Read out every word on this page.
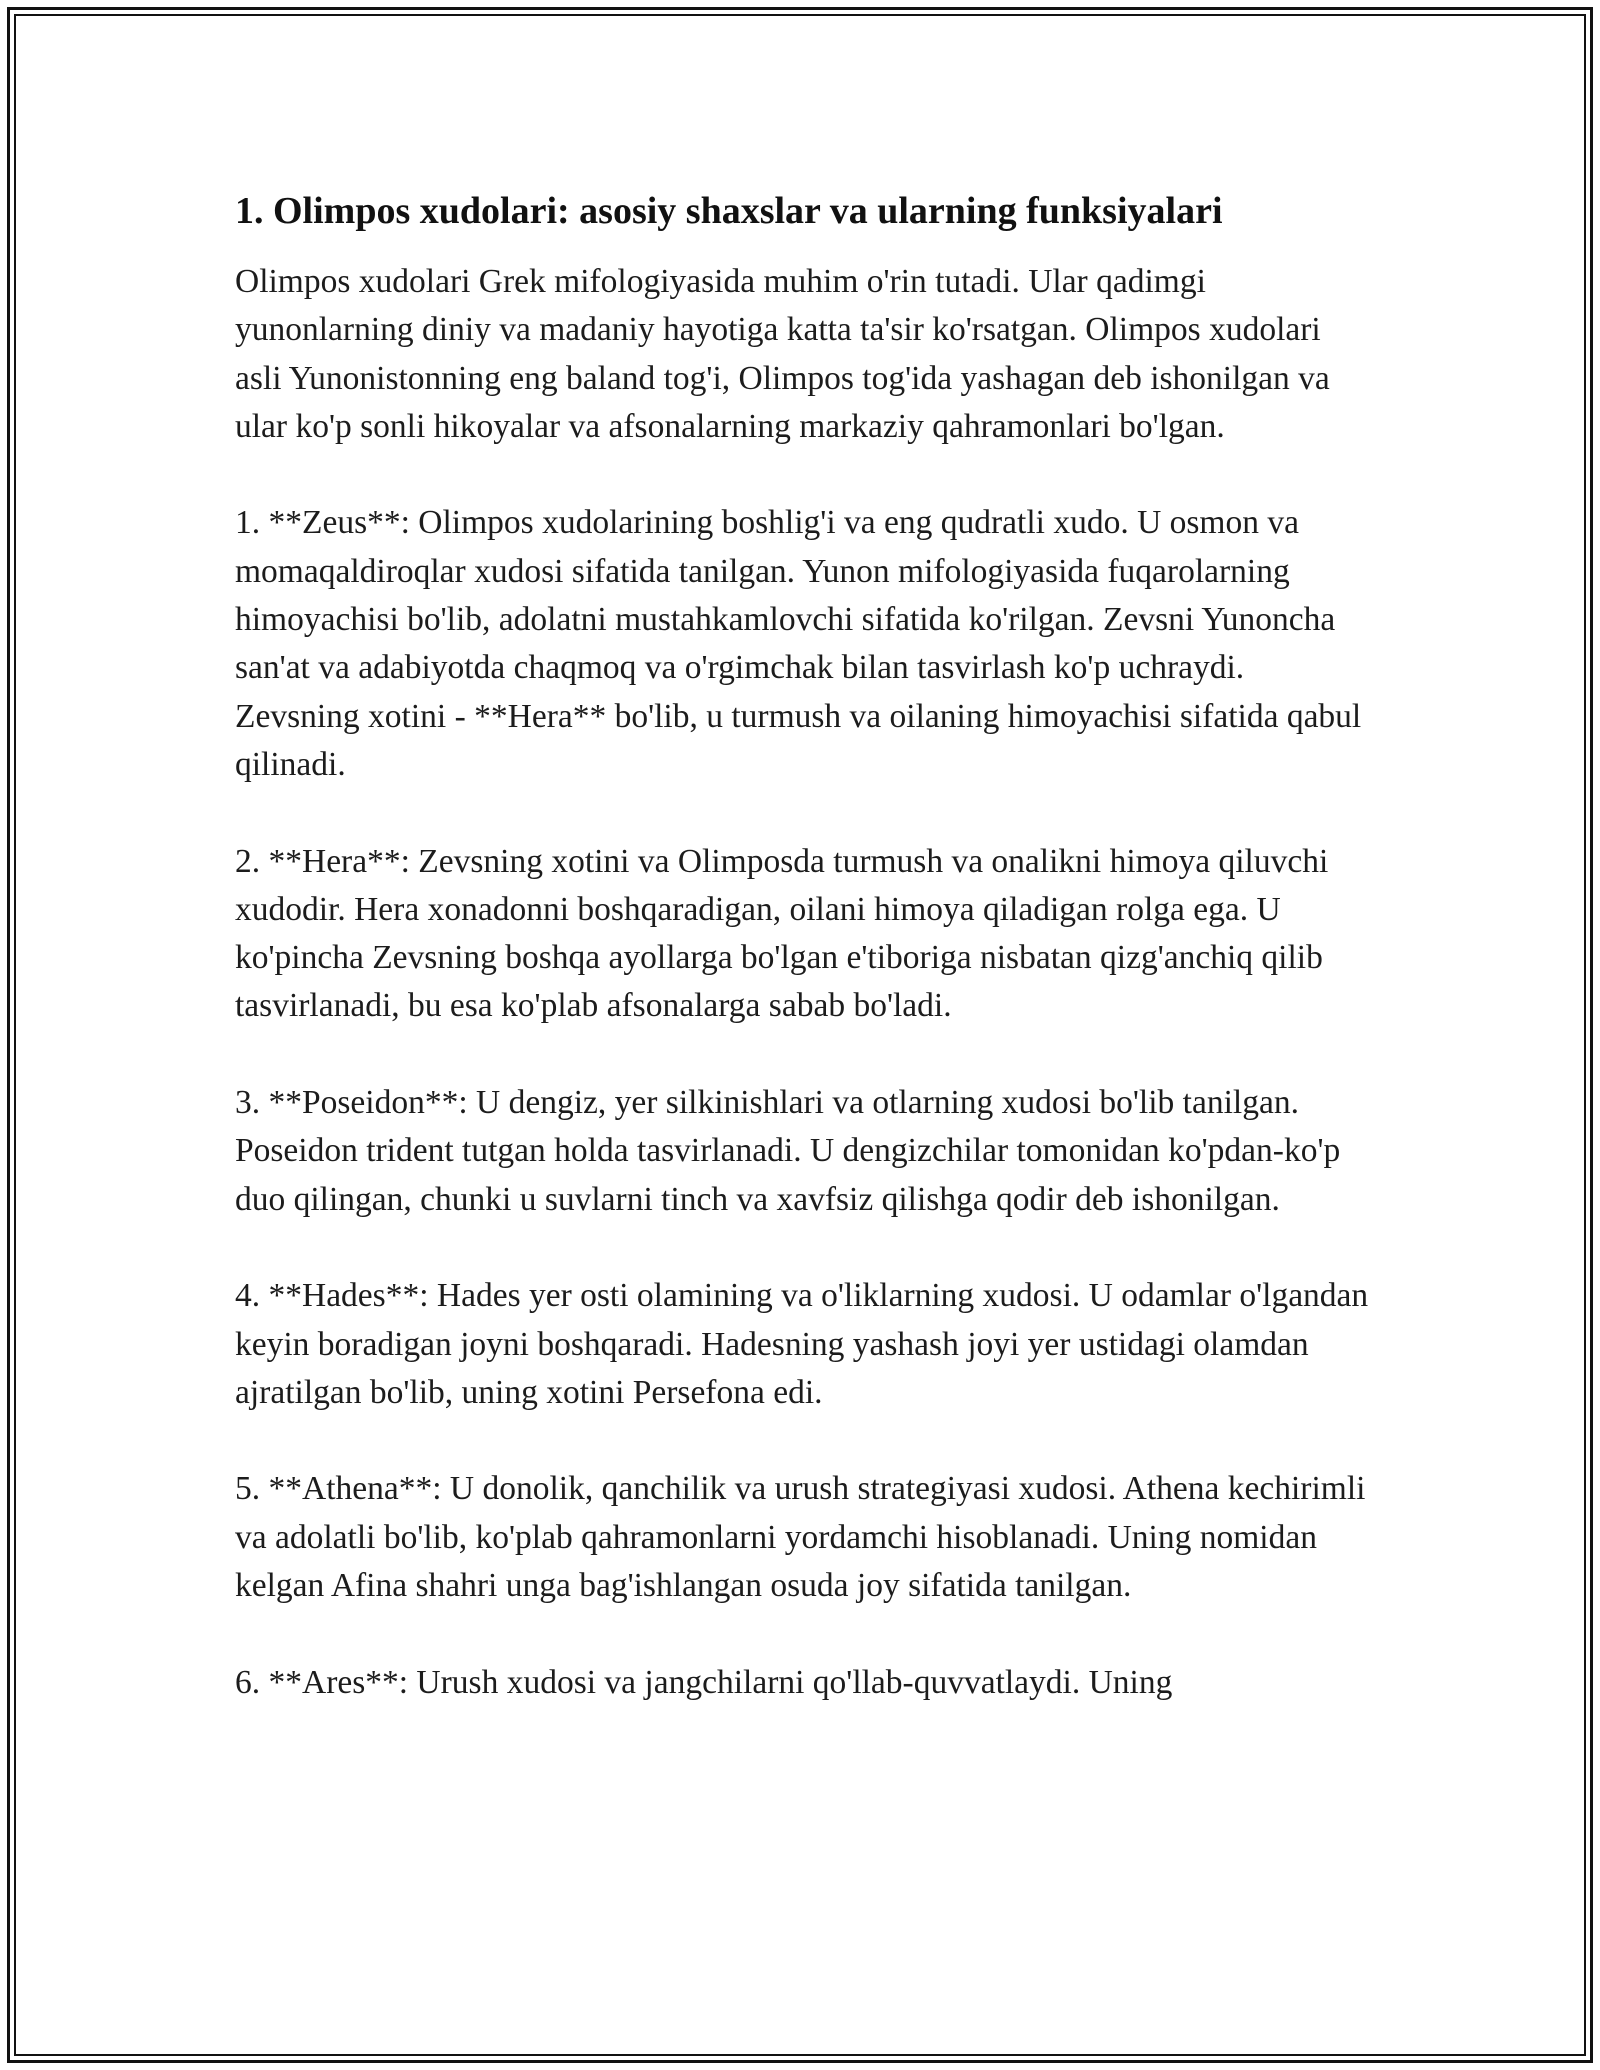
1. Olimpos xudolari: asosiy shaxslar va ularning funksiyalari

Olimpos xudolari Grek mifologiyasida muhim o'rin tutadi. Ular qadimgi yunonlarning diniy va madaniy hayotiga katta ta'sir ko'rsatgan. Olimpos xudolari asli Yunonistonning eng baland tog'i, Olimpos tog'ida yashagan deb ishonilgan va ular ko'p sonli hikoyalar va afsonalarning markaziy qahramonlari bo'lgan.

1. **Zeus**: Olimpos xudolarining boshlig'i va eng qudratli xudo. U osmon va momaqaldiroqlar xudosi sifatida tanilgan. Yunon mifologiyasida fuqarolarning himoyachisi bo'lib, adolatni mustahkamlovchi sifatida ko'rilgan. Zevsni Yunoncha san'at va adabiyotda chaqmoq va o'rgimchak bilan tasvirlash ko'p uchraydi. Zevsning xotini - **Hera** bo'lib, u turmush va oilaning himoyachisi sifatida qabul qilinadi.

2. **Hera**: Zevsning xotini va Olimposda turmush va onalikni himoya qiluvchi xudodir. Hera xonadonni boshqaradigan, oilani himoya qiladigan rolga ega. U ko'pincha Zevsning boshqa ayollarga bo'lgan e'tiboriga nisbatan qizg'anchiq qilib tasvirlanadi, bu esa ko'plab afsonalarga sabab bo'ladi.

3. **Poseidon**: U dengiz, yer silkinishlari va otlarning xudosi bo'lib tanilgan. Poseidon trident tutgan holda tasvirlanadi. U dengizchilar tomonidan ko'pdan-ko'p duo qilingan, chunki u suvlarni tinch va xavfsiz qilishga qodir deb ishonilgan.

4. **Hades**: Hades yer osti olamining va o'liklarning xudosi. U odamlar o'lgandan keyin boradigan joyni boshqaradi. Hadesning yashash joyi yer ustidagi olamdan ajratilgan bo'lib, uning xotini Persefona edi.

5. **Athena**: U donolik, qanchilik va urush strategiyasi xudosi. Athena kechirimli va adolatli bo'lib, ko'plab qahramonlarni yordamchi hisoblanadi. Uning nomidan kelgan Afina shahri unga bag'ishlangan osuda joy sifatida tanilgan.

6. **Ares**: Urush xudosi va jangchilarni qo'llab-quvvatlaydi. Uning
